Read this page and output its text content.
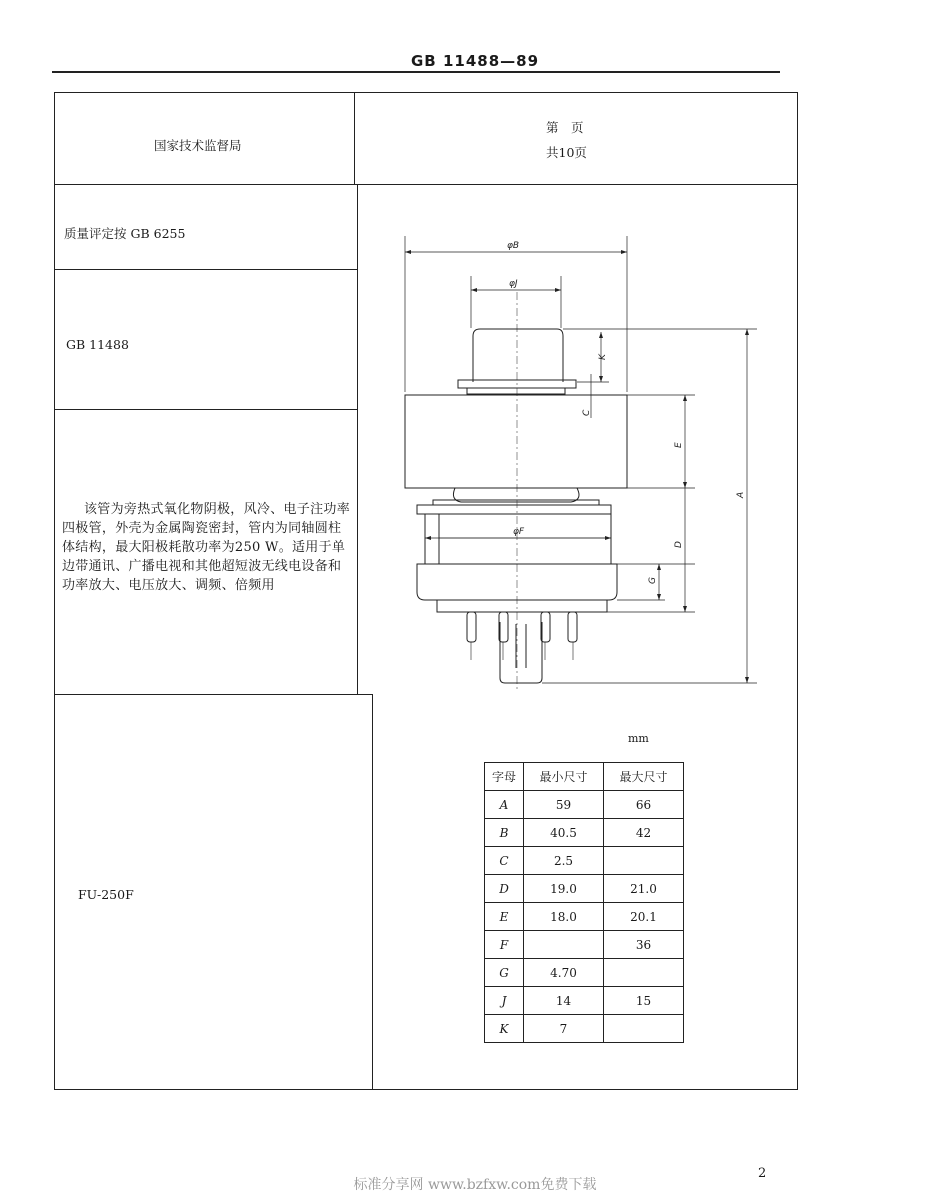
GB 11488—89
国家技术监督局
质量评定按 GB 6255
GB 11488
该管为旁热式氧化物阴极，风冷、电子注功率四极管，外壳为金属陶瓷密封，管内为同轴圆柱体结构，最大阳极耗散功率为250 W。适用于单边带通讯、广播电视和其他超短波无线电设备和功率放大、电压放大、调频、倍频用
FU-250F
第　页
共10页
φB
φJ
φF
K
C
E
D
G
A
mm
字母	最小尺寸	最大尺寸
A	59	66
B	40.5	42
C	2.5	
D	19.0	21.0
E	18.0	20.1
F		36
G	4.70	
J	14	15
K	7	
标准分享网 www.bzfxw.com免费下载
2
